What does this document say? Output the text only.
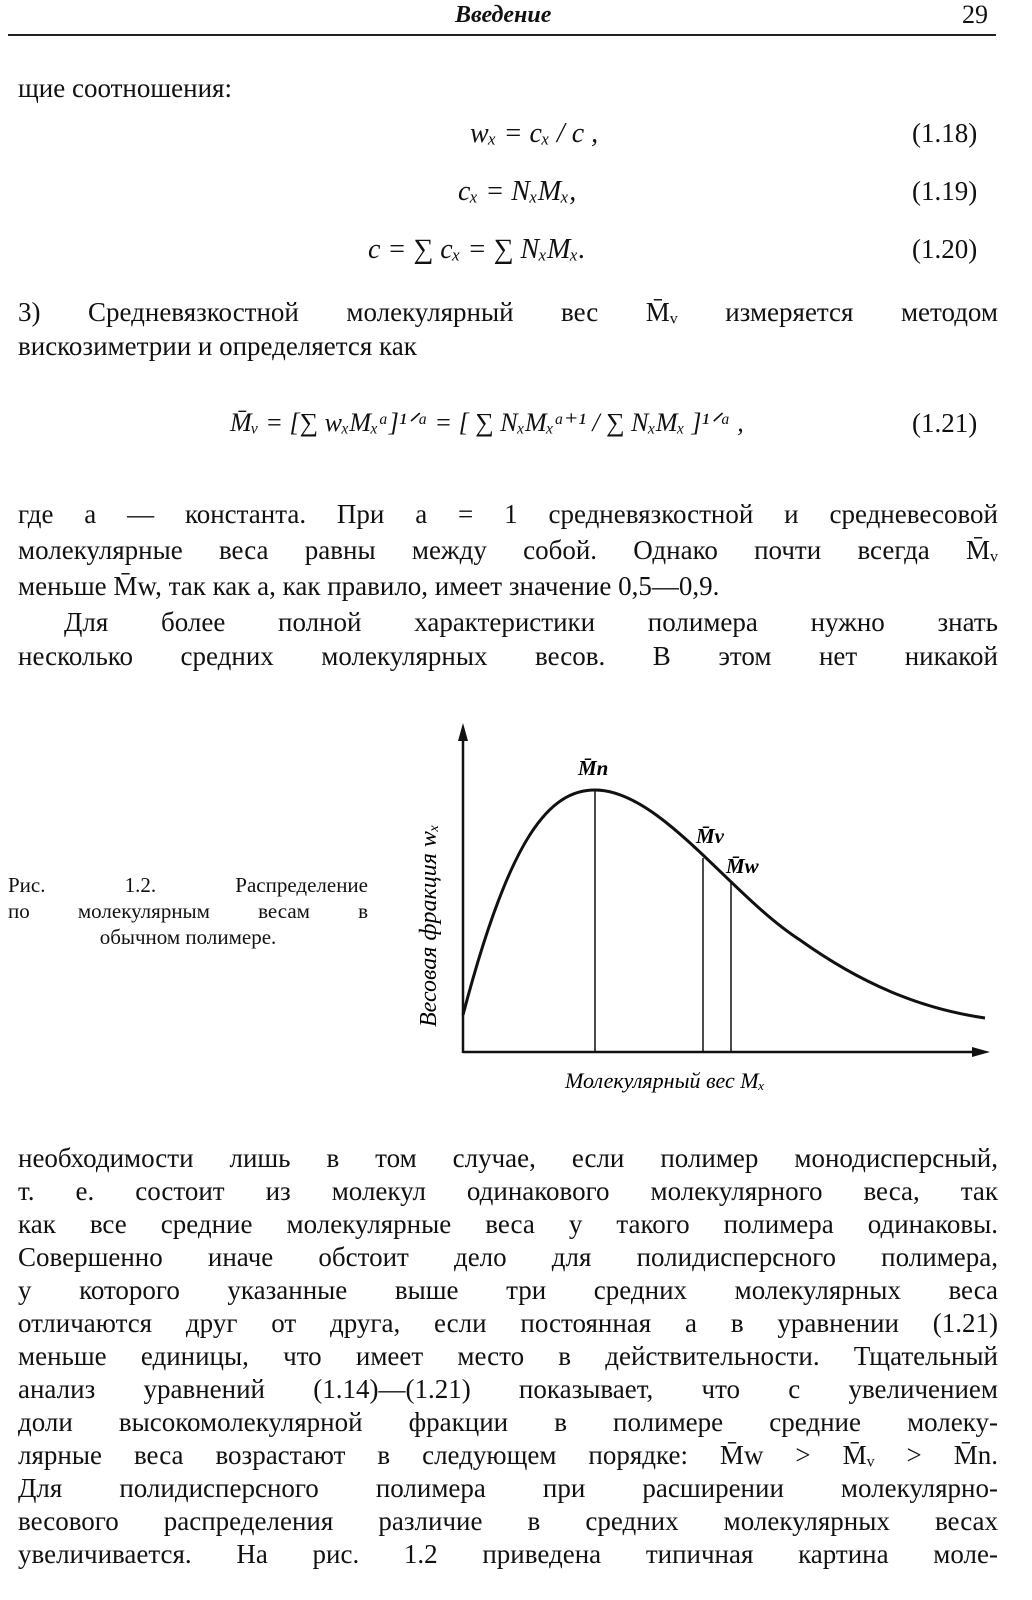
Введение	29
щие соотношения:
wₓ = cₓ / c ,	(1.18)
cₓ = NₓMₓ,	(1.19)
c = ∑ cₓ = ∑ NₓMₓ.	(1.20)
3) Средневязкостной молекулярный вес M̄ᵥ измеряется методом
вискозиметрии и определяется как
M̄ᵥ = [∑ wₓMₓᵃ]¹ᐟᵃ = [ ∑ NₓMₓᵃ⁺¹ / ∑ NₓMₓ ]¹ᐟᵃ ,	(1.21)
где a — константа. При a = 1 средневязкостной и средневесовой
молекулярные веса равны между собой. Однако почти всегда M̄ᵥ
меньше M̄w, так как a, как правило, имеет значение 0,5—0,9.
Для более полной характеристики полимера нужно знать
несколько средних молекулярных весов. В этом нет никакой
Рис. 1.2. Распределение
по молекулярным весам в
обычном полимере.
M̄n
M̄v
M̄w
Весовая фракция wₓ
Молекулярный вес Mₓ
необходимости лишь в том случае, если полимер монодисперсный,
т. е. состоит из молекул одинакового молекулярного веса, так
как все средние молекулярные веса у такого полимера одинаковы.
Совершенно иначе обстоит дело для полидисперсного полимера,
у которого указанные выше три средних молекулярных веса
отличаются друг от друга, если постоянная a в уравнении (1.21)
меньше единицы, что имеет место в действительности. Тщательный
анализ уравнений (1.14)—(1.21) показывает, что с увеличением
доли высокомолекулярной фракции в полимере средние молеку-
лярные веса возрастают в следующем порядке: M̄w > M̄ᵥ > M̄n.
Для полидисперсного полимера при расширении молекулярно-
весового распределения различие в средних молекулярных весах
увеличивается. На рис. 1.2 приведена типичная картина моле-
